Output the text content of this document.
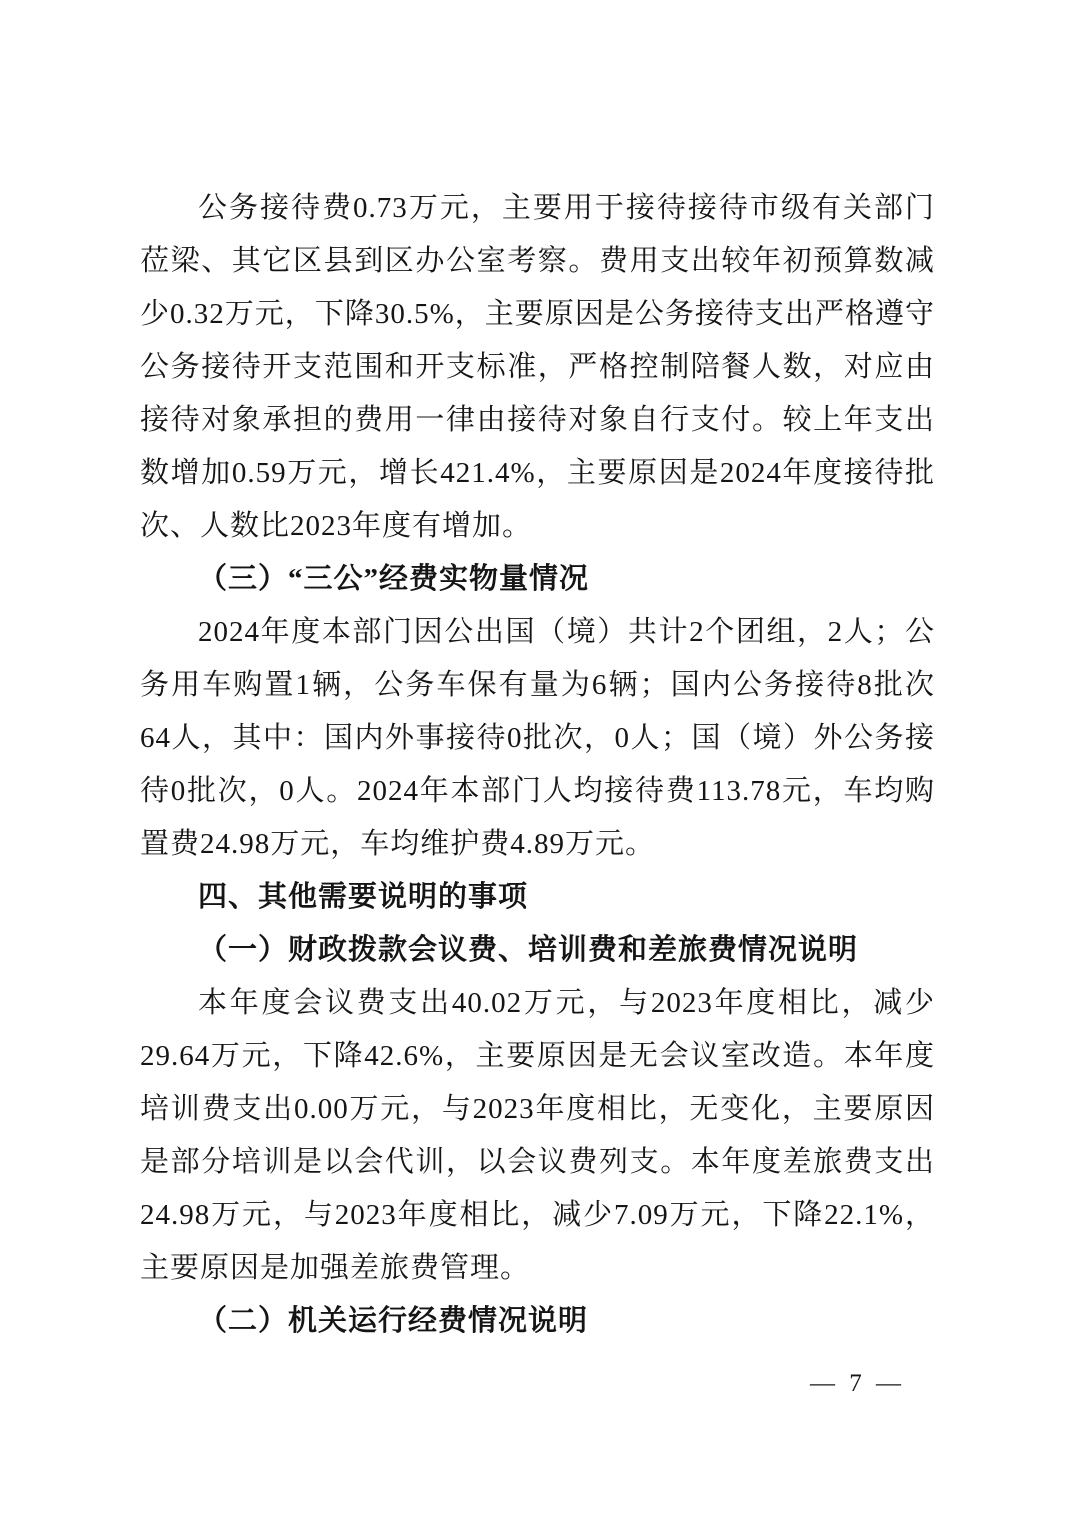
公务接待费0.73万元，主要用于接待接待市级有关部门莅梁、其它区县到区办公室考察。费用支出较年初预算数减少0.32万元，下降30.5%，主要原因是公务接待支出严格遵守公务接待开支范围和开支标准，严格控制陪餐人数，对应由接待对象承担的费用一律由接待对象自行支付。较上年支出数增加0.59万元，增长421.4%，主要原因是2024年度接待批次、人数比2023年度有增加。

（三）“三公”经费实物量情况

2024年度本部门因公出国（境）共计2个团组，2人；公务用车购置1辆，公务车保有量为6辆；国内公务接待8批次64人，其中：国内外事接待0批次，0人；国（境）外公务接待0批次，0人。2024年本部门人均接待费113.78元，车均购置费24.98万元，车均维护费4.89万元。

四、其他需要说明的事项
（一）财政拨款会议费、培训费和差旅费情况说明

本年度会议费支出40.02万元，与2023年度相比，减少29.64万元，下降42.6%，主要原因是无会议室改造。本年度培训费支出0.00万元，与2023年度相比，无变化，主要原因是部分培训是以会代训，以会议费列支。本年度差旅费支出24.98万元，与2023年度相比，减少7.09万元，下降22.1%，主要原因是加强差旅费管理。

（二）机关运行经费情况说明
— 7 —
